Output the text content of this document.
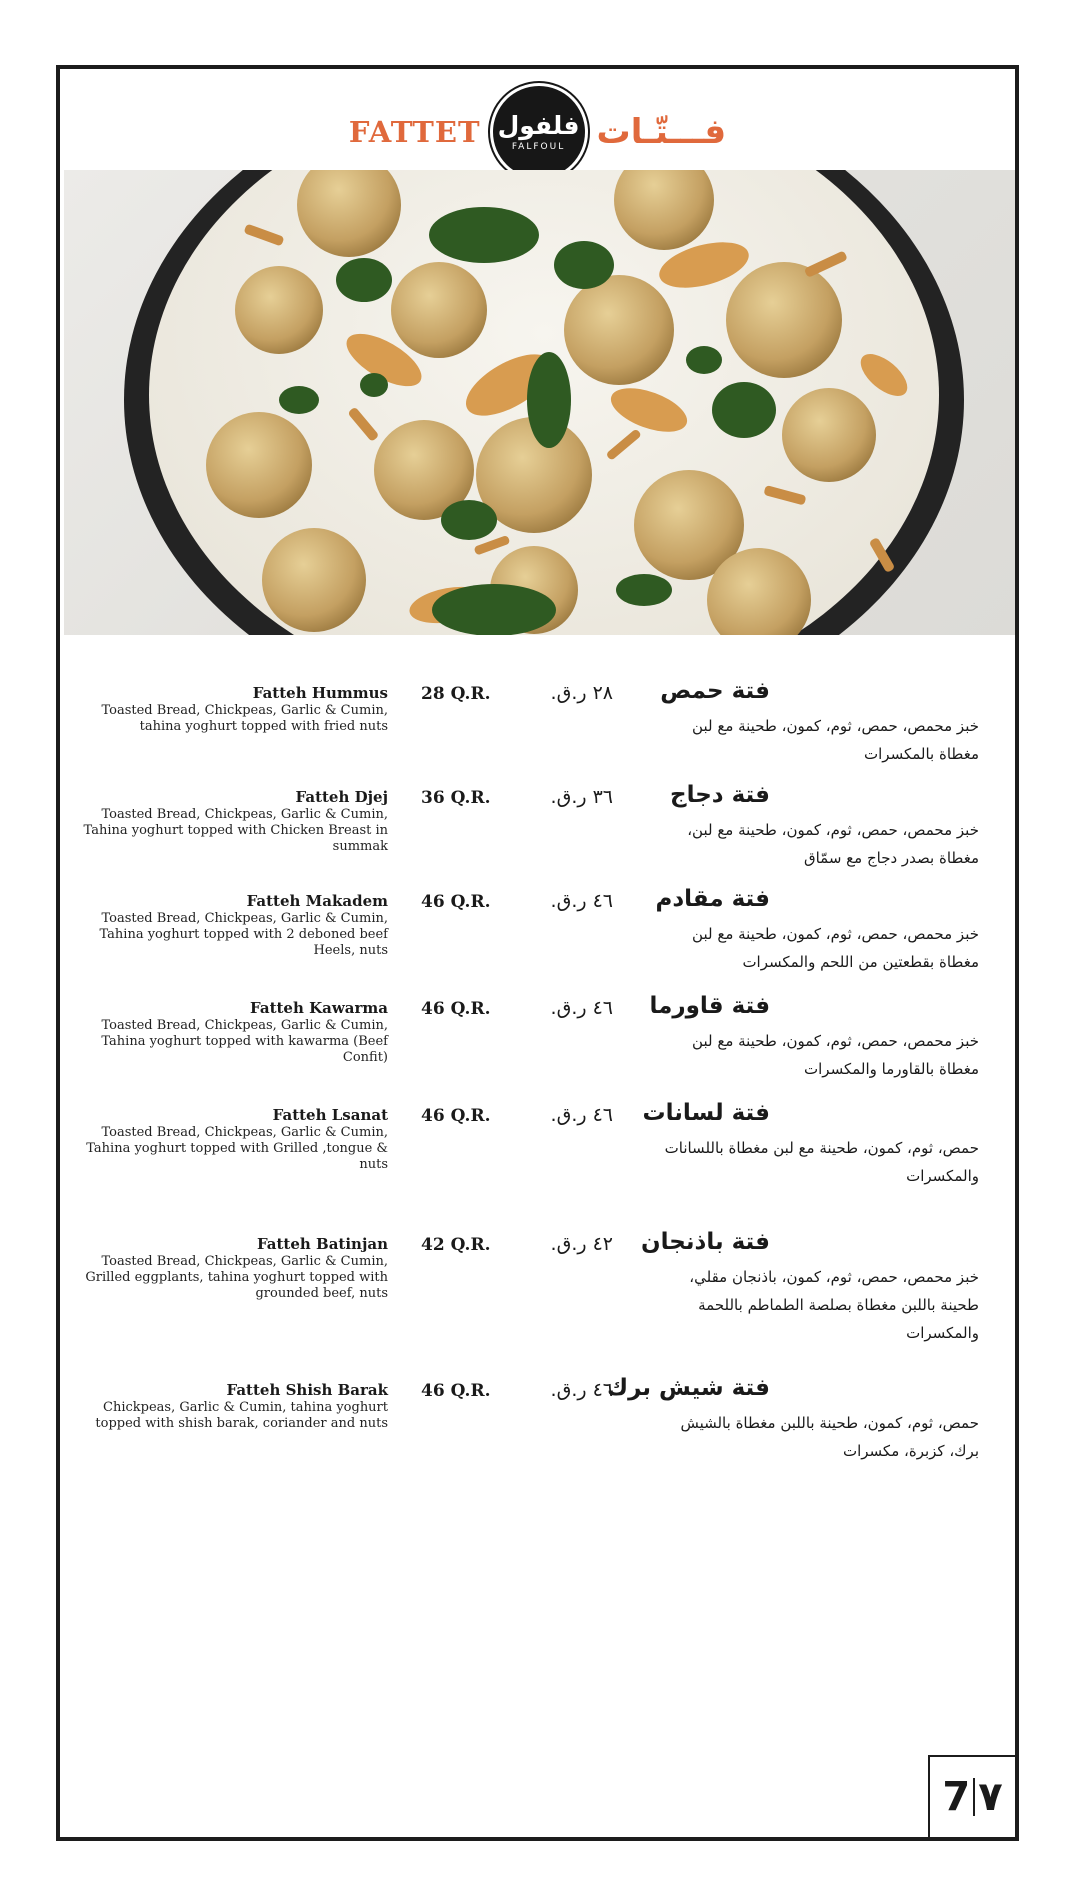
FATTET فلفول
FALFOUL فـــتّـات
Fatteh Hummus
Toasted Bread, Chickpeas, Garlic & Cumin, tahina yoghurt topped with fried nuts
28 Q.R.	٢٨ ر.ق. فتة حمص
خبز محمص، حمص، ثوم، كمون، طحينة مع لبن مغطاة بالمكسرات
Fatteh Djej
Toasted Bread, Chickpeas, Garlic & Cumin, Tahina yoghurt topped with Chicken Breast in summak
36 Q.R.	٣٦ ر.ق. فتة دجاج
خبز محمص، حمص، ثوم، كمون، طحينة مع لبن، مغطاة بصدر دجاج مع سمّاق
Fatteh Makadem
Toasted Bread, Chickpeas, Garlic & Cumin, Tahina yoghurt topped with 2 deboned beef Heels, nuts
46 Q.R.	٤٦ ر.ق. فتة مقادم
خبز محمص، حمص، ثوم، كمون، طحينة مع لبن مغطاة بقطعتين من اللحم والمكسرات
Fatteh Kawarma
Toasted Bread, Chickpeas, Garlic & Cumin, Tahina yoghurt topped with kawarma (Beef Confit)
46 Q.R.	٤٦ ر.ق. فتة قاورما
خبز محمص، حمص، ثوم، كمون، طحينة مع لبن مغطاة بالقاورما والمكسرات
Fatteh Lsanat
Toasted Bread, Chickpeas, Garlic & Cumin, Tahina yoghurt topped with Grilled ,tongue & nuts
46 Q.R.	٤٦ ر.ق. فتة لسانات
حمص، ثوم، كمون، طحينة مع لبن مغطاة باللسانات والمكسرات
Fatteh Batinjan
Toasted Bread, Chickpeas, Garlic & Cumin, Grilled eggplants, tahina yoghurt topped with grounded beef, nuts
42 Q.R.	٤٢ ر.ق. فتة باذنجان
خبز محمص، حمص، ثوم، كمون، باذنجان مقلي، طحينة باللبن مغطاة بصلصة الطماطم باللحمة والمكسرات
Fatteh Shish Barak
Chickpeas, Garlic & Cumin, tahina yoghurt topped with shish barak, coriander and nuts
46 Q.R.	٤٦ ر.ق.
فتة شيش برك
حمص، ثوم، كمون، طحينة باللبن مغطاة بالشيش برك، كزبرة، مكسرات
7 ٧
